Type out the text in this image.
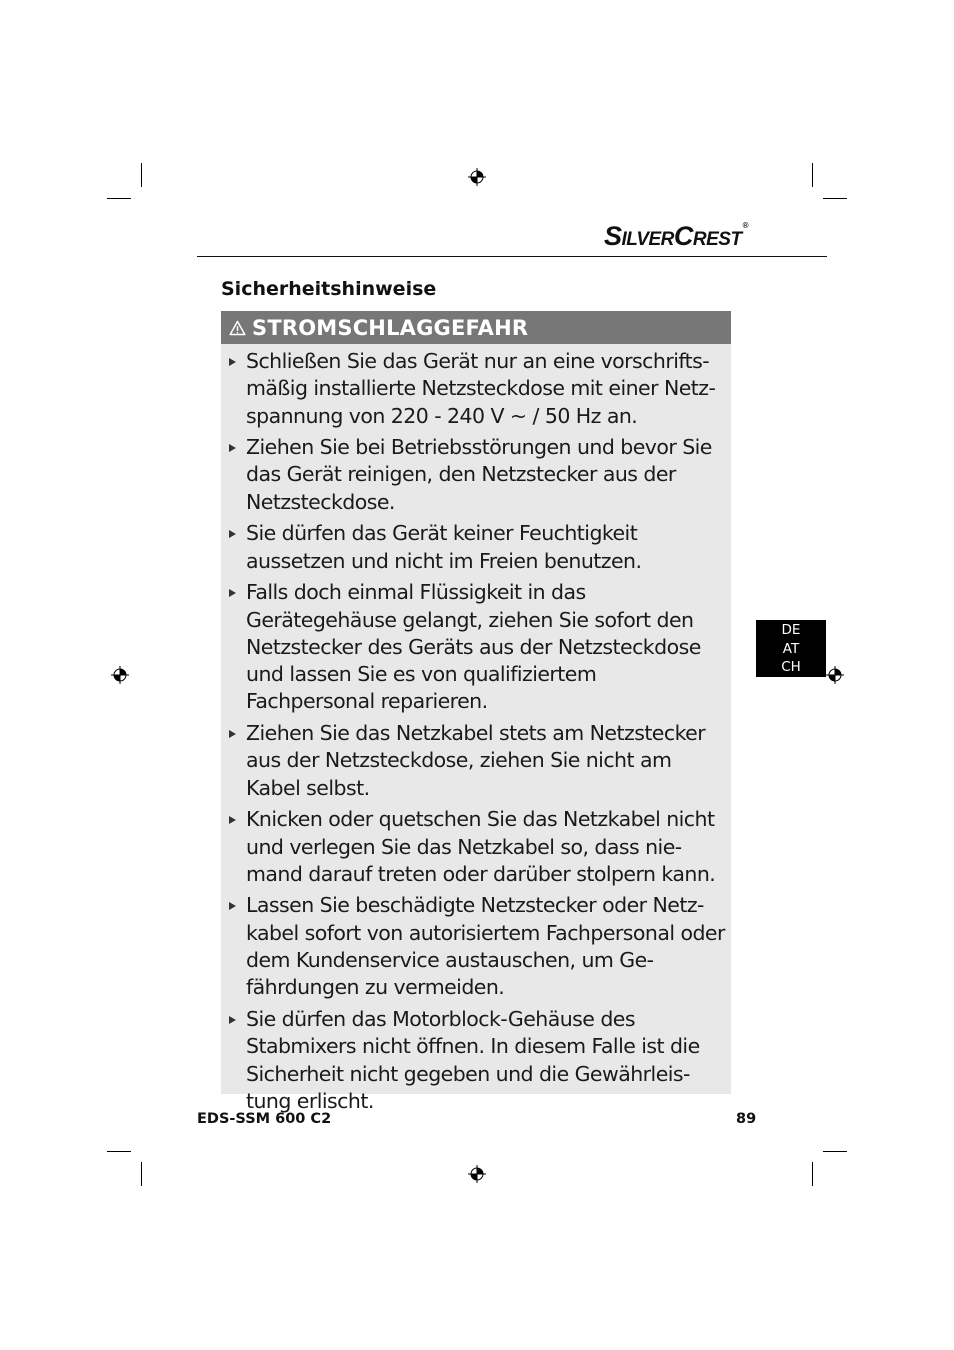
SILVERCREST®
Sicherheitshinweise
STROMSCHLAGGEFAHR
Schließen Sie das Gerät nur an eine vorschrifts-mäßig installierte Netzsteckdose mit einer Netz-spannung von 220 - 240 V ~ / 50 Hz an.
Ziehen Sie bei Betriebsstörungen und bevor Sie das Gerät reinigen, den Netzstecker aus der Netzsteckdose.
Sie dürfen das Gerät keiner Feuchtigkeit aussetzen und nicht im Freien benutzen.
Falls doch einmal Flüssigkeit in das Gerätegehäuse gelangt, ziehen Sie sofort den Netzstecker des Geräts aus der Netzsteckdose und lassen Sie es von qualifiziertem Fachpersonal reparieren.
Ziehen Sie das Netzkabel stets am Netzstecker aus der Netzsteckdose, ziehen Sie nicht am Kabel selbst.
Knicken oder quetschen Sie das Netzkabel nicht und verlegen Sie das Netzkabel so, dass nie-mand darauf treten oder darüber stolpern kann.
Lassen Sie beschädigte Netzstecker oder Netz-kabel sofort von autorisiertem Fachpersonal oder dem Kundenservice austauschen, um Ge-fährdungen zu vermeiden.
Sie dürfen das Motorblock-Gehäuse des Stabmixers nicht öffnen. In diesem Falle ist die Sicherheit nicht gegeben und die Gewährleis-tung erlischt.
DE
AT
CH
EDS-SSM 600 C2	89
